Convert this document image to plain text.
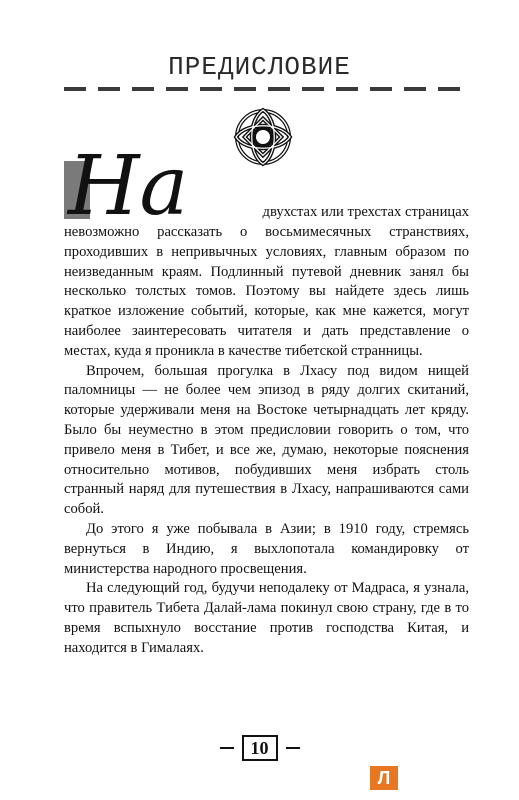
ПРЕДИСЛОВИЕ
На	двухстах или трехстах страницах

невозможно рассказать о восьмимесячных странствиях, проходивших в непривычных условиях, главным образом по неизведанным краям. Подлинный путевой дневник занял бы несколько толстых томов. Поэтому вы найдете здесь лишь краткое изложение событий, которые, как мне кажется, могут наиболее заинтересовать читателя и дать представление о местах, куда я проникла в качестве тибетской странницы.

Впрочем, большая прогулка в Лхасу под видом нищей паломницы — не более чем эпизод в ряду долгих скитаний, которые удерживали меня на Востоке четырнадцать лет кряду. Было бы неуместно в этом предисловии говорить о том, что привело меня в Тибет, и все же, думаю, некоторые пояснения относительно мотивов, побудивших меня избрать столь странный наряд для путешествия в Лхасу, напрашиваются сами собой.

До этого я уже побывала в Азии; в 1910 году, стремясь вернуться в Индию, я выхлопотала командировку от министерства народного просвещения.

На следующий год, будучи неподалеку от Мадраса, я узнала, что правитель Тибета Далай-лама покинул свою страну, где в то время вспыхнуло восстание против господства Китая, и находится в Гималаях.

10
Л
